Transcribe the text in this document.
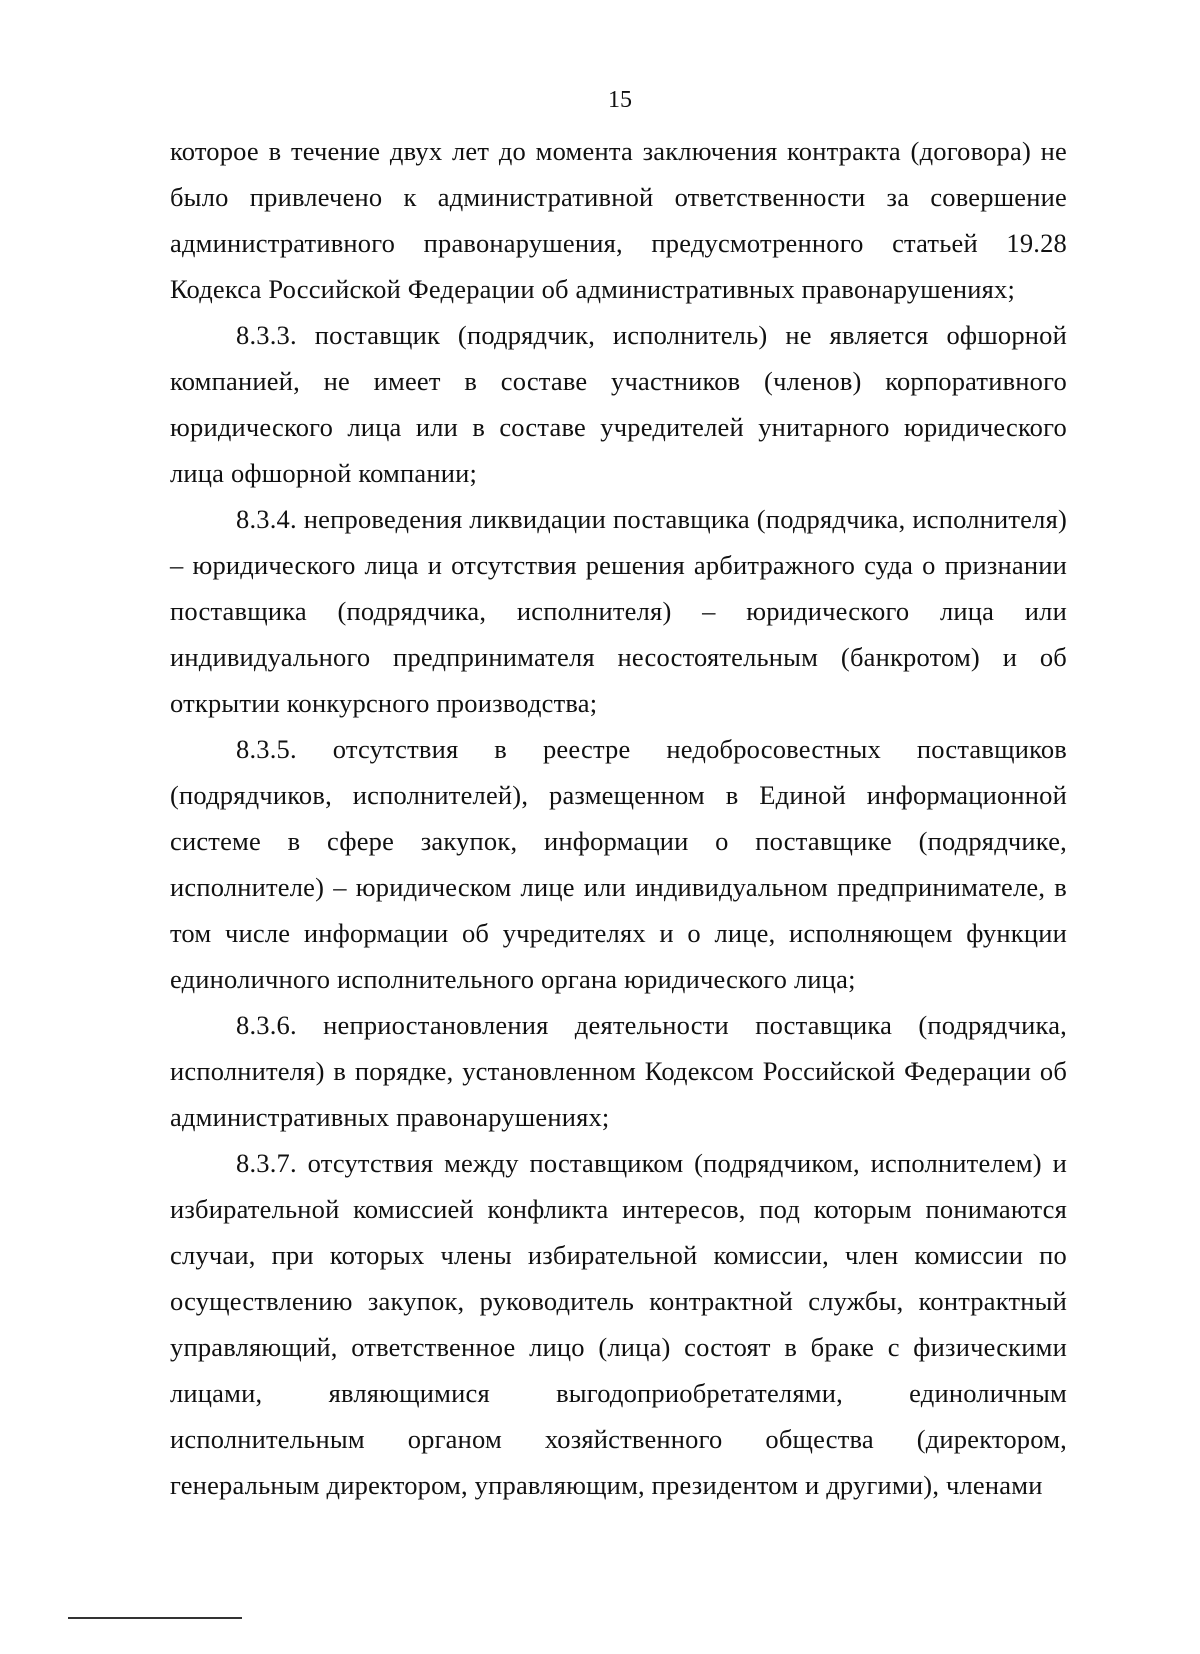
15

которое в течение двух лет до момента заключения контракта (договора) не было привлечено к административной ответственности за совершение административного правонарушения, предусмотренного статьей 19.28 Кодекса Российской Федерации об административных правонарушениях;

8.3.3. поставщик (подрядчик, исполнитель) не является офшорной компанией, не имеет в составе участников (членов) корпоративного юридического лица или в составе учредителей унитарного юридического лица офшорной компании;

8.3.4. непроведения ликвидации поставщика (подрядчика, исполнителя) – юридического лица и отсутствия решения арбитражного суда о признании поставщика (подрядчика, исполнителя) – юридического лица или индивидуального предпринимателя несостоятельным (банкротом) и об открытии конкурсного производства;

8.3.5. отсутствия в реестре недобросовестных поставщиков (подрядчиков, исполнителей), размещенном в Единой информационной системе в сфере закупок, информации о поставщике (подрядчике, исполнителе) – юридическом лице или индивидуальном предпринимателе, в том числе информации об учредителях и о лице, исполняющем функции единоличного исполнительного органа юридического лица;

8.3.6. неприостановления деятельности поставщика (подрядчика, исполнителя) в порядке, установленном Кодексом Российской Федерации об административных правонарушениях;

8.3.7. отсутствия между поставщиком (подрядчиком, исполнителем) и избирательной комиссией конфликта интересов, под которым понимаются случаи, при которых члены избирательной комиссии, член комиссии по осуществлению закупок, руководитель контрактной службы, контрактный управляющий, ответственное лицо (лица) состоят в браке с физическими лицами, являющимися выгодоприобретателями, единоличным исполнительным органом хозяйственного общества (директором, генеральным директором, управляющим, президентом и другими), членами
